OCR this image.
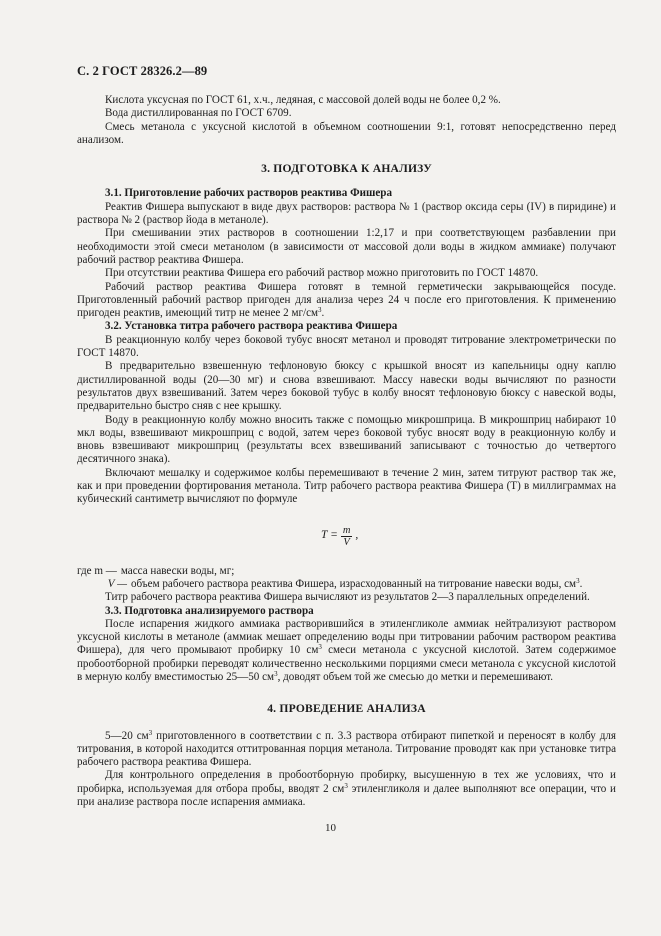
С. 2 ГОСТ 28326.2—89

Кислота уксусная по ГОСТ 61, х.ч., ледяная, с массовой долей воды не более 0,2 %.

Вода дистиллированная по ГОСТ 6709.

Смесь метанола с уксусной кислотой в объемном соотношении 9:1, готовят непосредственно перед анализом.

3. ПОДГОТОВКА К АНАЛИЗУ

3.1. Приготовление рабочих растворов реактива Фишера

Реактив Фишера выпускают в виде двух растворов: раствора № 1 (раствор оксида серы (IV) в пиридине) и раствора № 2 (раствор йода в метаноле).

При смешивании этих растворов в соотношении 1:2,17 и при соответствующем разбавлении при необходимости этой смеси метанолом (в зависимости от массовой доли воды в жидком аммиаке) получают рабочий раствор реактива Фишера.

При отсутствии реактива Фишера его рабочий раствор можно приготовить по ГОСТ 14870.

Рабочий раствор реактива Фишера готовят в темной герметически закрывающейся посуде. Приготовленный рабочий раствор пригоден для анализа через 24 ч после его приготовления. К применению пригоден реактив, имеющий титр не менее 2 $мг/см^3$.

3.2. Установка титра рабочего раствора реактива Фишера

В реакционную колбу через боковой тубус вносят метанол и проводят титрование электрометрически по ГОСТ 14870.

В предварительно взвешенную тефлоновую бюксу с крышкой вносят из капельницы одну каплю дистиллированной воды (20—30 мг) и снова взвешивают. Массу навески воды вычисляют по разности результатов двух взвешиваний. Затем через боковой тубус в колбу вносят тефлоновую бюксу с навеской воды, предварительно быстро сняв с нее крышку.

Воду в реакционную колбу можно вносить также с помощью микрошприца. В микрошприц набирают 10 мкл воды, взвешивают микрошприц с водой, затем через боковой тубус вносят воду в реакционную колбу и вновь взвешивают микрошприц (результаты всех взвешиваний записывают с точностью до четвертого десятичного знака).

Включают мешалку и содержимое колбы перемешивают в течение 2 мин, затем титруют раствор так же, как и при проведении фортирования метанола. Титр рабочего раствора реактива Фишера (T) в миллиграммах на кубический сантиметр вычисляют по формуле

$T = \frac{m}{V}$ ,
где m — масса навески воды, мг;
V — объем рабочего раствора реактива Фишера, израсходованный на титрование навески воды, $см^3$.

Титр рабочего раствора реактива Фишера вычисляют из результатов 2—3 параллельных определений.

3.3. Подготовка анализируемого раствора

После испарения жидкого аммиака растворившийся в этиленгликоле аммиак нейтрализуют раствором уксусной кислоты в метаноле (аммиак мешает определению воды при титровании рабочим раствором реактива Фишера), для чего промывают пробирку 10 $см^3$ смеси метанола с уксусной кислотой. Затем содержимое пробоотборной пробирки переводят количественно несколькими порциями смеси метанола с уксусной кислотой в мерную колбу вместимостью 25—50 $см^3$, доводят объем той же смесью до метки и перемешивают.

4. ПРОВЕДЕНИЕ АНАЛИЗА

5—20 $см^3$ приготовленного в соответствии с п. 3.3 раствора отбирают пипеткой и переносят в колбу для титрования, в которой находится оттитрованная порция метанола. Титрование проводят как при установке титра рабочего раствора реактива Фишера.

Для контрольного определения в пробоотборную пробирку, высушенную в тех же условиях, что и пробирка, используемая для отбора пробы, вводят 2 $см^3$ этиленгликоля и далее выполняют все операции, что и при анализе раствора после испарения аммиака.

10
